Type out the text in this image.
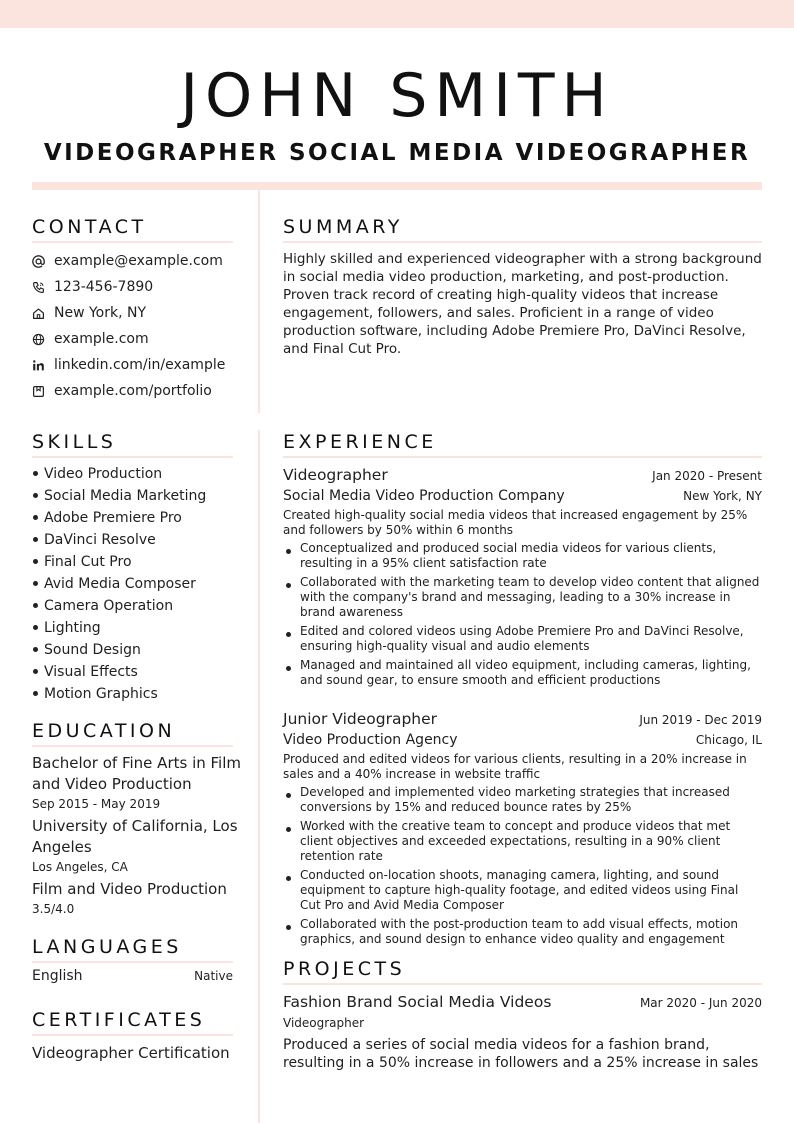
JOHN SMITH
VIDEOGRAPHER SOCIAL MEDIA VIDEOGRAPHER
CONTACT
example@example.com
123-456-7890
New York, NY
example.com
linkedin.com/in/example
example.com/portfolio
SKILLS
Video Production
Social Media Marketing
Adobe Premiere Pro
DaVinci Resolve
Final Cut Pro
Avid Media Composer
Camera Operation
Lighting
Sound Design
Visual Effects
Motion Graphics
EDUCATION
Bachelor of Fine Arts in Film and Video Production
Sep 2015 - May 2019
University of California, Los Angeles
Los Angeles, CA
Film and Video Production
3.5/4.0
LANGUAGES
English	Native
CERTIFICATES
Videographer Certification
SUMMARY
Highly skilled and experienced videographer with a strong background in social media video production, marketing, and post-production. Proven track record of creating high-quality videos that increase engagement, followers, and sales. Proficient in a range of video production software, including Adobe Premiere Pro, DaVinci Resolve, and Final Cut Pro.
EXPERIENCE
Videographer	Jan 2020 - Present
Social Media Video Production Company	New York, NY
Created high-quality social media videos that increased engagement by 25% and followers by 50% within 6 months
Conceptualized and produced social media videos for various clients, resulting in a 95% client satisfaction rate
Collaborated with the marketing team to develop video content that aligned with the company's brand and messaging, leading to a 30% increase in brand awareness
Edited and colored videos using Adobe Premiere Pro and DaVinci Resolve, ensuring high-quality visual and audio elements
Managed and maintained all video equipment, including cameras, lighting, and sound gear, to ensure smooth and efficient productions
Junior Videographer	Jun 2019 - Dec 2019
Video Production Agency	Chicago, IL
Produced and edited videos for various clients, resulting in a 20% increase in sales and a 40% increase in website traffic
Developed and implemented video marketing strategies that increased conversions by 15% and reduced bounce rates by 25%
Worked with the creative team to concept and produce videos that met client objectives and exceeded expectations, resulting in a 90% client retention rate
Conducted on-location shoots, managing camera, lighting, and sound equipment to capture high-quality footage, and edited videos using Final Cut Pro and Avid Media Composer
Collaborated with the post-production team to add visual effects, motion graphics, and sound design to enhance video quality and engagement
PROJECTS
Fashion Brand Social Media Videos	Mar 2020 - Jun 2020
Videographer
Produced a series of social media videos for a fashion brand, resulting in a 50% increase in followers and a 25% increase in sales
